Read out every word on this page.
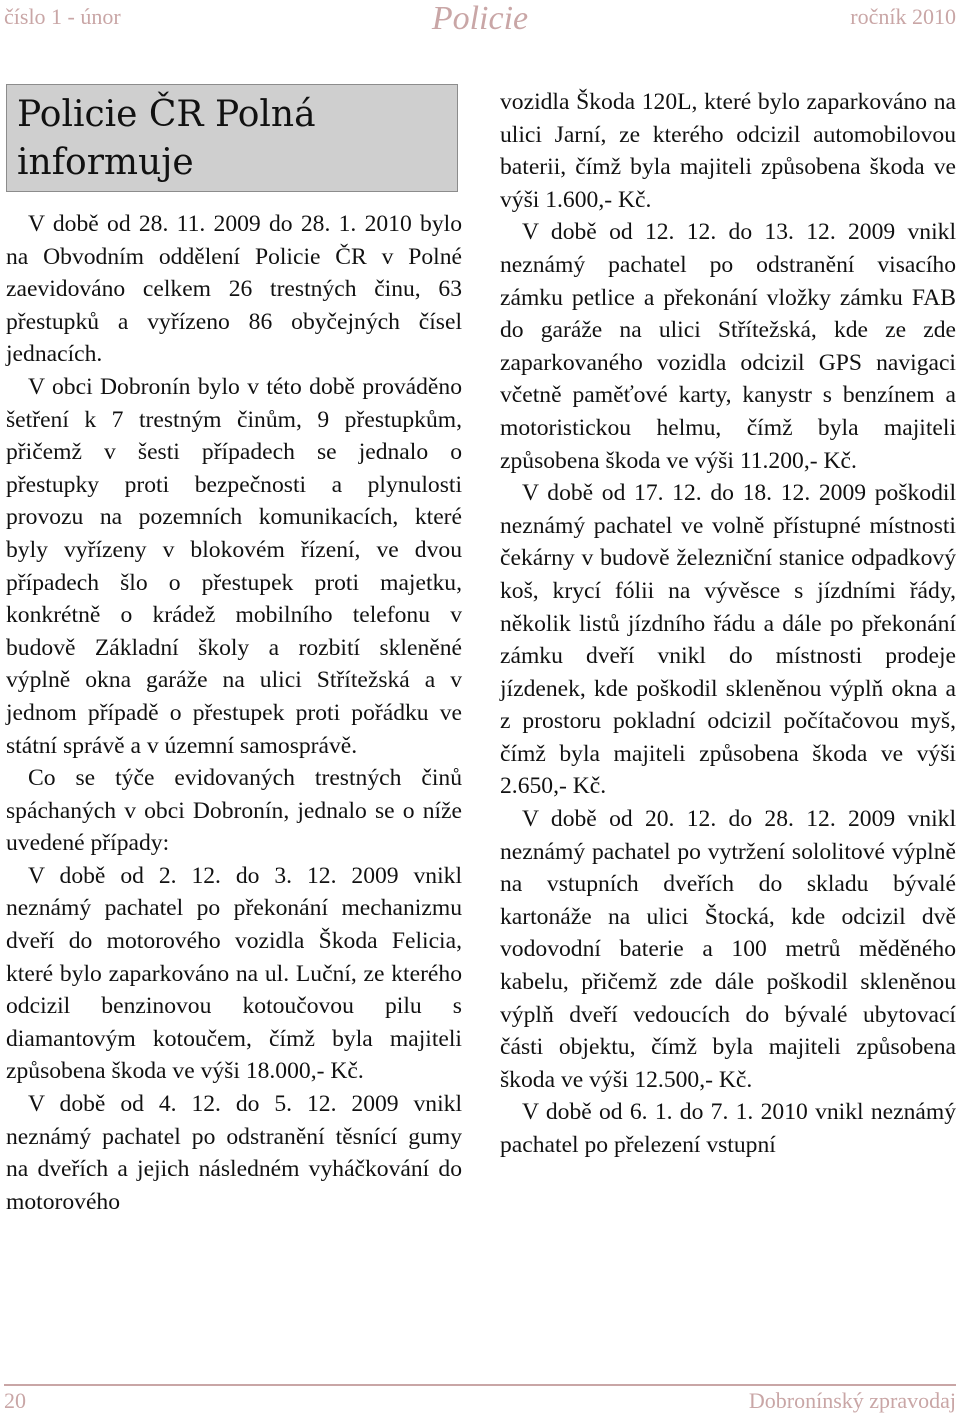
číslo 1 - únor	Policie	ročník 2010
Policie ČR Polná informuje

V době od 28. 11. 2009 do 28. 1. 2010 bylo na Obvodním oddělení Policie ČR v Polné zaevidováno celkem 26 trestných činu, 63 přestupků a vyřízeno 86 obyčejných čísel jednacích.

V obci Dobronín bylo v této době prováděno šetření k 7 trestným činům, 9 přestupkům, přičemž v šesti případech se jednalo o přestupky proti bezpečnosti a plynulosti provozu na pozemních komunikacích, které byly vyřízeny v blokovém řízení, ve dvou případech šlo o přestupek proti majetku, konkrétně o krádež mobilního telefonu v budově Základní školy a rozbití skleněné výplně okna garáže na ulici Střítežská a v jednom případě o přestupek proti pořádku ve státní správě a v územní samosprávě.

Co se týče evidovaných trestných činů spáchaných v obci Dobronín, jednalo se o níže uvedené případy:

V době od 2. 12. do 3. 12. 2009 vnikl neznámý pachatel po překonání mechanizmu dveří do motorového vozidla Škoda Felicia, které bylo zaparkováno na ul. Luční, ze kterého odcizil benzinovou kotoučovou pilu s diamantovým kotoučem, čímž byla majiteli způsobena škoda ve výši 18.000,- Kč.

V době od 4. 12. do 5. 12. 2009 vnikl neznámý pachatel po odstranění těsnící gumy na dveřích a jejich následném vyháčkování do motorového

vozidla Škoda 120L, které bylo zaparkováno na ulici Jarní, ze kterého odcizil automobilovou baterii, čímž byla majiteli způsobena škoda ve výši 1.600,- Kč.

V době od 12. 12. do 13. 12. 2009 vnikl neznámý pachatel po odstranění visacího zámku petlice a překonání vložky zámku FAB do garáže na ulici Střítežská, kde ze zde zaparkovaného vozidla odcizil GPS navigaci včetně paměťové karty, kanystr s benzínem a motoristickou helmu, čímž byla majiteli způsobena škoda ve výši 11.200,- Kč.

V době od 17. 12. do 18. 12. 2009 poškodil neznámý pachatel ve volně přístupné místnosti čekárny v budově železniční stanice odpadkový koš, krycí fólii na vývěsce s jízdními řády, několik listů jízdního řádu a dále po překonání zámku dveří vnikl do místnosti prodeje jízdenek, kde poškodil skleněnou výplň okna a z prostoru pokladní odcizil počítačovou myš, čímž byla majiteli způsobena škoda ve výši 2.650,- Kč.

V době od 20. 12. do 28. 12. 2009 vnikl neznámý pachatel po vytržení sololitové výplně na vstupních dveřích do skladu bývalé kartonáže na ulici Štocká, kde odcizil dvě vodovodní baterie a 100 metrů měděného kabelu, přičemž zde dále poškodil skleněnou výplň dveří vedoucích do bývalé ubytovací části objektu, čímž byla majiteli způsobena škoda ve výši 12.500,- Kč.

V době od 6. 1. do 7. 1. 2010 vnikl neznámý pachatel po přelezení vstupní

20	Dobronínský zpravodaj
